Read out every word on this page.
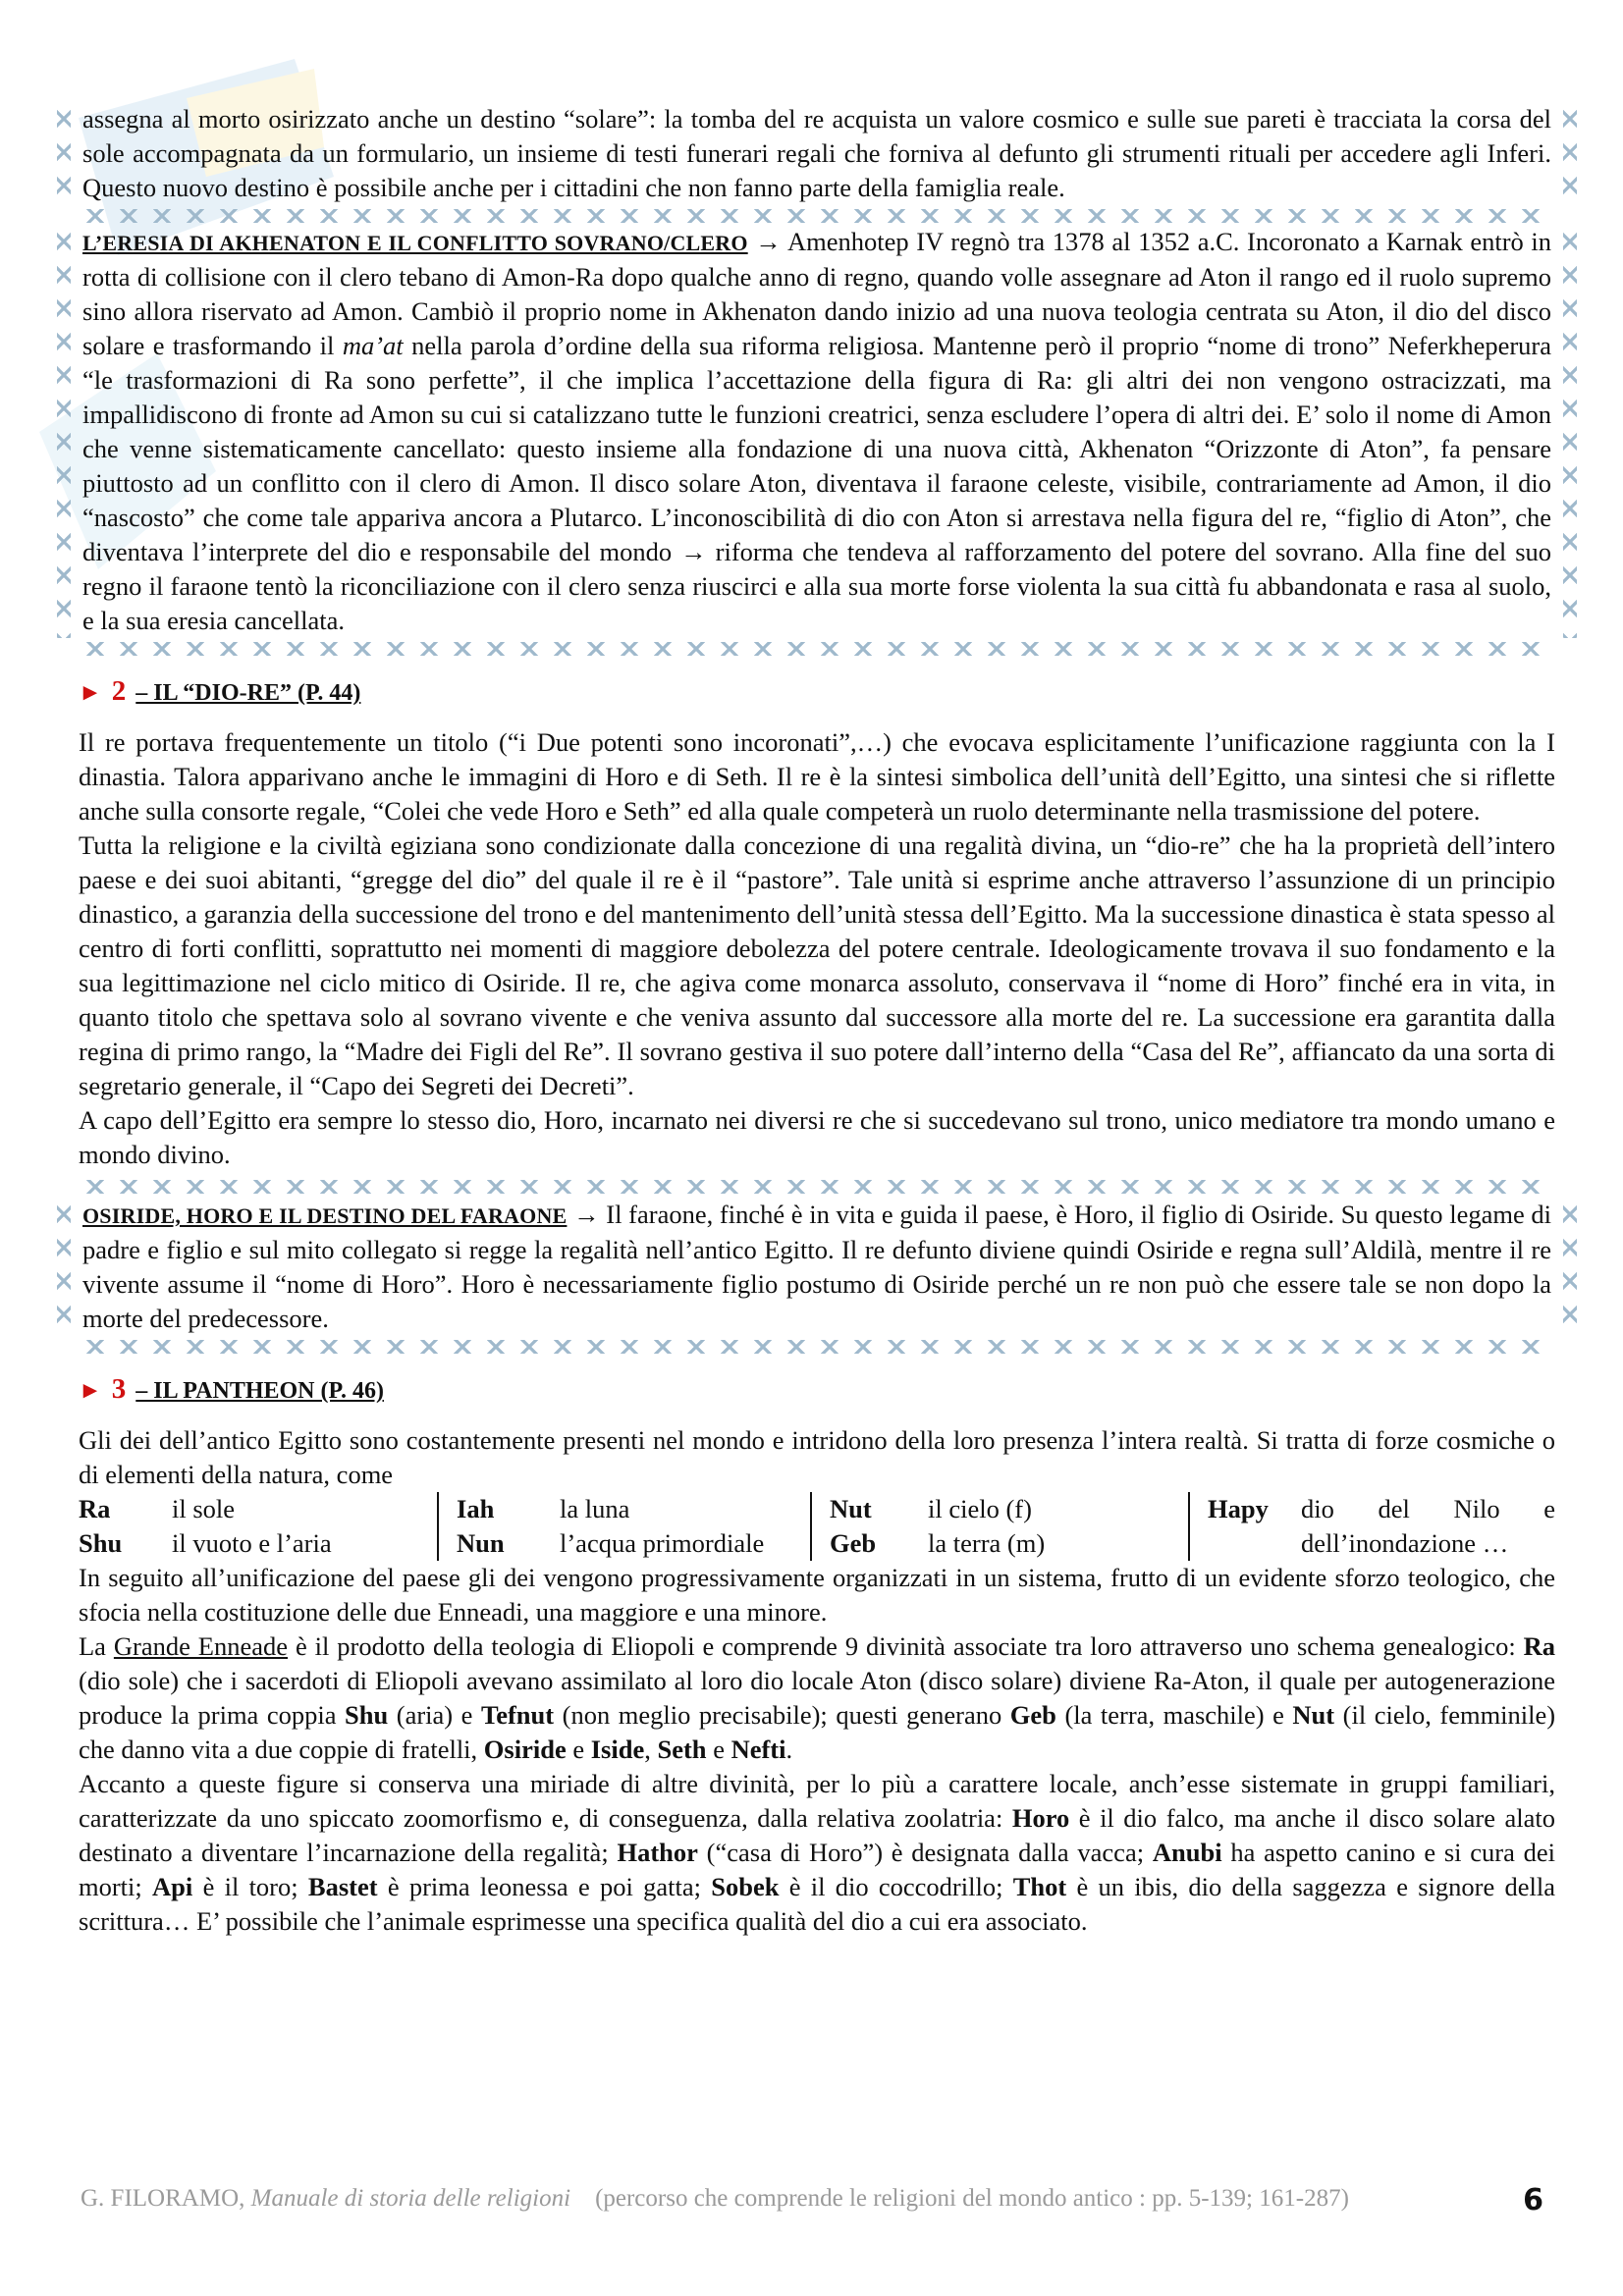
assegna al morto osirizzato anche un destino “solare”: la tomba del re acquista un valore cosmico e sulle sue pareti è tracciata la corsa del sole accompagnata da un formulario, un insieme di testi funerari regali che forniva al defunto gli strumenti rituali per accedere agli Inferi. Questo nuovo destino è possibile anche per i cittadini che non fanno parte della famiglia reale.

L’ERESIA DI AKHENATON E IL CONFLITTO SOVRANO/CLERO → Amenhotep IV regnò tra 1378 al 1352 a.C. Incoronato a Karnak entrò in rotta di collisione con il clero tebano di Amon-Ra dopo qualche anno di regno, quando volle assegnare ad Aton il rango ed il ruolo supremo sino allora riservato ad Amon. Cambiò il proprio nome in Akhenaton dando inizio ad una nuova teologia centrata su Aton, il dio del disco solare e trasformando il ma’at nella parola d’ordine della sua riforma religiosa. Mantenne però il proprio “nome di trono” Neferkheperura “le trasformazioni di Ra sono perfette”, il che implica l’accettazione della figura di Ra: gli altri dei non vengono ostracizzati, ma impallidiscono di fronte ad Amon su cui si catalizzano tutte le funzioni creatrici, senza escludere l’opera di altri dei. E’ solo il nome di Amon che venne sistematicamente cancellato: questo insieme alla fondazione di una nuova città, Akhenaton “Orizzonte di Aton”, fa pensare piuttosto ad un conflitto con il clero di Amon. Il disco solare Aton, diventava il faraone celeste, visibile, contrariamente ad Amon, il dio “nascosto” che come tale appariva ancora a Plutarco. L’inconoscibilità di dio con Aton si arrestava nella figura del re, “figlio di Aton”, che diventava l’interprete del dio e responsabile del mondo → riforma che tendeva al rafforzamento del potere del sovrano. Alla fine del suo regno il faraone tentò la riconciliazione con il clero senza riuscirci e alla sua morte forse violenta la sua città fu abbandonata e rasa al suolo, e la sua eresia cancellata.

► 2 – IL “DIO-RE” (P. 44)

Il re portava frequentemente un titolo (“i Due potenti sono incoronati”,…) che evocava esplicitamente l’unificazione raggiunta con la I dinastia. Talora apparivano anche le immagini di Horo e di Seth. Il re è la sintesi simbolica dell’unità dell’Egitto, una sintesi che si riflette anche sulla consorte regale, “Colei che vede Horo e Seth” ed alla quale competerà un ruolo determinante nella trasmissione del potere.

Tutta la religione e la civiltà egiziana sono condizionate dalla concezione di una regalità divina, un “dio-re” che ha la proprietà dell’intero paese e dei suoi abitanti, “gregge del dio” del quale il re è il “pastore”. Tale unità si esprime anche attraverso l’assunzione di un principio dinastico, a garanzia della successione del trono e del mantenimento dell’unità stessa dell’Egitto. Ma la successione dinastica è stata spesso al centro di forti conflitti, soprattutto nei momenti di maggiore debolezza del potere centrale. Ideologicamente trovava il suo fondamento e la sua legittimazione nel ciclo mitico di Osiride. Il re, che agiva come monarca assoluto, conservava il “nome di Horo” finché era in vita, in quanto titolo che spettava solo al sovrano vivente e che veniva assunto dal successore alla morte del re. La successione era garantita dalla regina di primo rango, la “Madre dei Figli del Re”. Il sovrano gestiva il suo potere dall’interno della “Casa del Re”, affiancato da una sorta di segretario generale, il “Capo dei Segreti dei Decreti”.

A capo dell’Egitto era sempre lo stesso dio, Horo, incarnato nei diversi re che si succedevano sul trono, unico mediatore tra mondo umano e mondo divino.

OSIRIDE, HORO E IL DESTINO DEL FARAONE → Il faraone, finché è in vita e guida il paese, è Horo, il figlio di Osiride. Su questo legame di padre e figlio e sul mito collegato si regge la regalità nell’antico Egitto. Il re defunto diviene quindi Osiride e regna sull’Aldilà, mentre il re vivente assume il “nome di Horo”. Horo è necessariamente figlio postumo di Osiride perché un re non può che essere tale se non dopo la morte del predecessore.

► 3 – IL PANTHEON (P. 46)

Gli dei dell’antico Egitto sono costantemente presenti nel mondo e intridono della loro presenza l’intera realtà. Si tratta di forze cosmiche o di elementi della natura, come

Ra	il sole	Iah	la luna	Nut	il cielo (f)	Hapy	dio del Nilo e
Shu	il vuoto e l’aria	Nun	l’acqua primordiale	Geb	la terra (m)	dell’inondazione …

In seguito all’unificazione del paese gli dei vengono progressivamente organizzati in un sistema, frutto di un evidente sforzo teologico, che sfocia nella costituzione delle due Enneadi, una maggiore e una minore.

La Grande Enneade è il prodotto della teologia di Eliopoli e comprende 9 divinità associate tra loro attraverso uno schema genealogico: Ra (dio sole) che i sacerdoti di Eliopoli avevano assimilato al loro dio locale Aton (disco solare) diviene Ra-Aton, il quale per autogenerazione produce la prima coppia Shu (aria) e Tefnut (non meglio precisabile); questi generano Geb (la terra, maschile) e Nut (il cielo, femminile) che danno vita a due coppie di fratelli, Osiride e Iside, Seth e Nefti.

Accanto a queste figure si conserva una miriade di altre divinità, per lo più a carattere locale, anch’esse sistemate in gruppi familiari, caratterizzate da uno spiccato zoomorfismo e, di conseguenza, dalla relativa zoolatria: Horo è il dio falco, ma anche il disco solare alato destinato a diventare l’incarnazione della regalità; Hathor (“casa di Horo”) è designata dalla vacca; Anubi ha aspetto canino e si cura dei morti; Api è il toro; Bastet è prima leonessa e poi gatta; Sobek è il dio coccodrillo; Thot è un ibis, dio della saggezza e signore della scrittura… E’ possibile che l’animale esprimesse una specifica qualità del dio a cui era associato.

G. FILORAMO, Manuale di storia delle religioni (percorso che comprende le religioni del mondo antico : pp. 5-139; 161-287)	6
